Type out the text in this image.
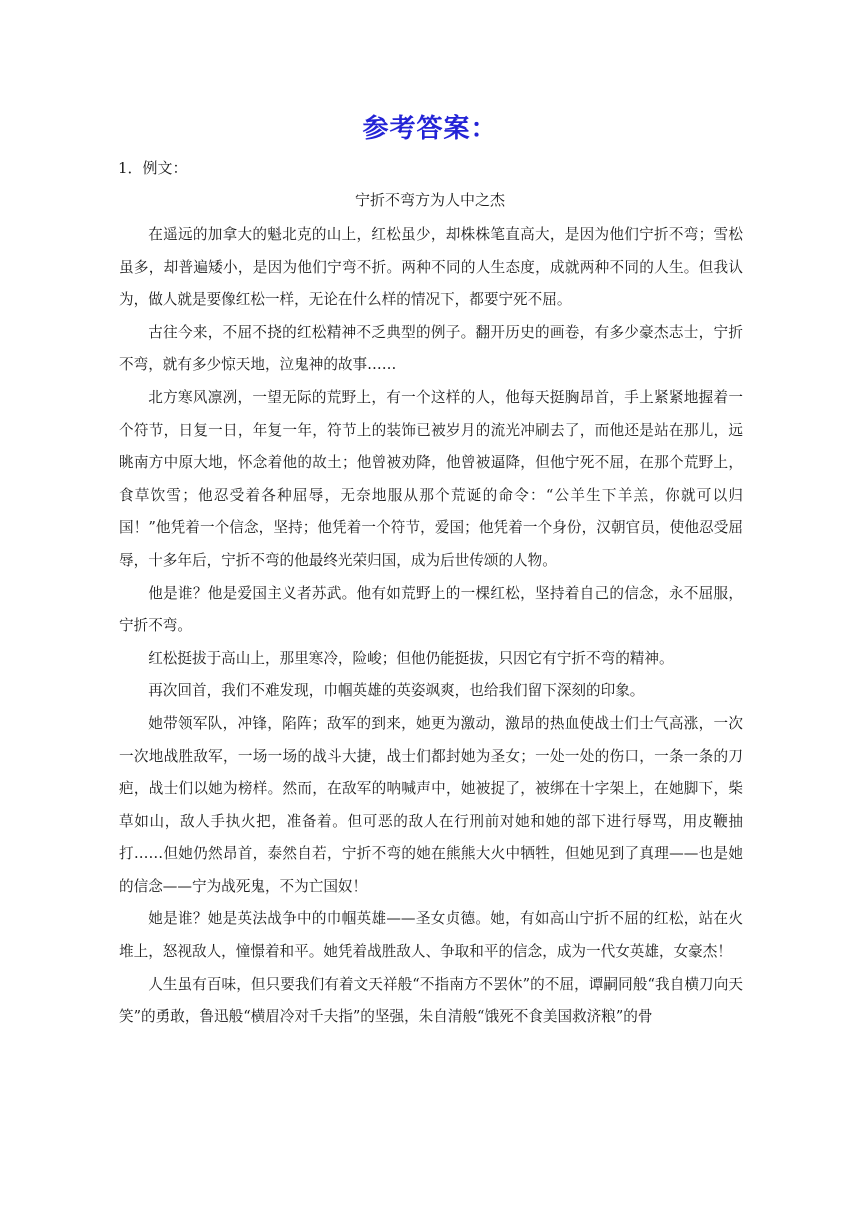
参考答案：
1．例文：
宁折不弯方为人中之杰

在遥远的加拿大的魁北克的山上，红松虽少，却株株笔直高大，是因为他们宁折不弯；雪松虽多，却普遍矮小，是因为他们宁弯不折。两种不同的人生态度，成就两种不同的人生。但我认为，做人就是要像红松一样，无论在什么样的情况下，都要宁死不屈。

古往今来，不屈不挠的红松精神不乏典型的例子。翻开历史的画卷，有多少豪杰志士，宁折不弯，就有多少惊天地，泣鬼神的故事……

北方寒风凛冽，一望无际的荒野上，有一个这样的人，他每天挺胸昂首，手上紧紧地握着一个符节，日复一日，年复一年，符节上的装饰已被岁月的流光冲刷去了，而他还是站在那儿，远眺南方中原大地，怀念着他的故土；他曾被劝降，他曾被逼降，但他宁死不屈，在那个荒野上，食草饮雪；他忍受着各种屈辱，无奈地服从那个荒诞的命令：“公羊生下羊羔，你就可以归国！”他凭着一个信念，坚持；他凭着一个符节，爱国；他凭着一个身份，汉朝官员，使他忍受屈辱，十多年后，宁折不弯的他最终光荣归国，成为后世传颂的人物。

他是谁？他是爱国主义者苏武。他有如荒野上的一棵红松，坚持着自己的信念，永不屈服，宁折不弯。

红松挺拔于高山上，那里寒冷，险峻；但他仍能挺拔，只因它有宁折不弯的精神。

再次回首，我们不难发现，巾帼英雄的英姿飒爽，也给我们留下深刻的印象。

她带领军队，冲锋，陷阵；敌军的到来，她更为激动，激昂的热血使战士们士气高涨，一次一次地战胜敌军，一场一场的战斗大捷，战士们都封她为圣女；一处一处的伤口，一条一条的刀疤，战士们以她为榜样。然而，在敌军的呐喊声中，她被捉了，被绑在十字架上，在她脚下，柴草如山，敌人手执火把，准备着。但可恶的敌人在行刑前对她和她的部下进行辱骂，用皮鞭抽打……但她仍然昂首，泰然自若，宁折不弯的她在熊熊大火中牺牲，但她见到了真理——也是她的信念——宁为战死鬼，不为亡国奴！

她是谁？她是英法战争中的巾帼英雄——圣女贞德。她，有如高山宁折不屈的红松，站在火堆上，怒视敌人，憧憬着和平。她凭着战胜敌人、争取和平的信念，成为一代女英雄，女豪杰！

人生虽有百味，但只要我们有着文天祥般“不指南方不罢休”的不屈，谭嗣同般“我自横刀向天笑”的勇敢，鲁迅般“横眉冷对千夫指”的坚强，朱自清般“饿死不食美国救济粮”的骨
